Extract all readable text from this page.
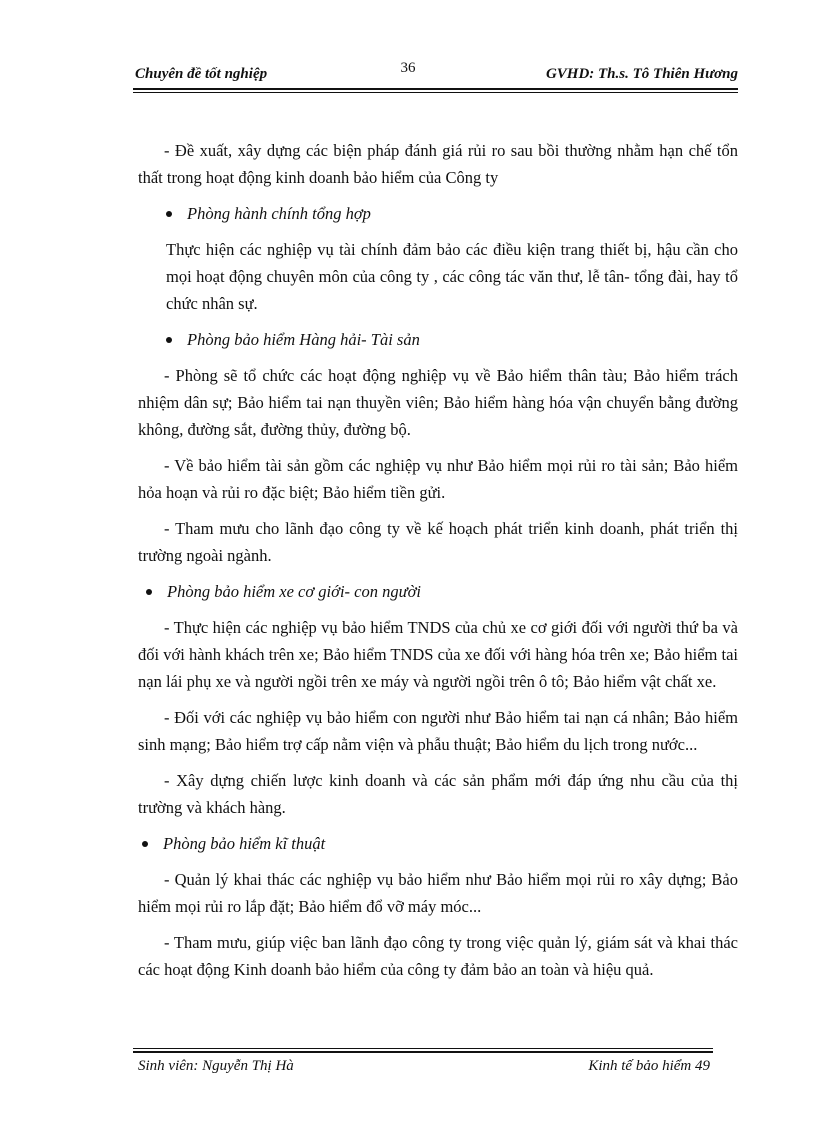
36
Chuyên đề tốt nghiệp	GVHD: Th.s. Tô Thiên Hương

- Đề xuất, xây dựng các biện pháp đánh giá rủi ro sau bồi thường nhằm hạn chế tổn thất trong hoạt động kinh doanh bảo hiểm của Công ty

Phòng hành chính tổng hợp

Thực hiện các nghiệp vụ tài chính đảm bảo các điều kiện trang thiết bị, hậu cần cho mọi hoạt động chuyên môn của công ty , các công tác văn thư, lễ tân- tổng đài, hay tổ chức nhân sự.

Phòng bảo hiểm Hàng hải- Tài sản

- Phòng sẽ tổ chức các hoạt động nghiệp vụ về Bảo hiểm thân tàu; Bảo hiểm trách nhiệm dân sự; Bảo hiểm tai nạn thuyền viên; Bảo hiểm hàng hóa vận chuyển bằng đường không, đường sắt, đường thủy, đường bộ.

- Về bảo hiểm tài sản gồm các nghiệp vụ như Bảo hiểm mọi rủi ro tài sản; Bảo hiểm hỏa hoạn và rủi ro đặc biệt; Bảo hiểm tiền gửi.

- Tham mưu cho lãnh đạo công ty về kế hoạch phát triển kinh doanh, phát triển thị trường ngoài ngành.

Phòng bảo hiểm xe cơ giới- con người

- Thực hiện các nghiệp vụ bảo hiểm TNDS của chủ xe cơ giới đối với người thứ ba và đối với hành khách trên xe; Bảo hiểm TNDS của xe đối với hàng hóa trên xe; Bảo hiểm tai nạn lái phụ xe và người ngồi trên xe máy và người ngồi trên ô tô; Bảo hiểm vật chất xe.

- Đối với các nghiệp vụ bảo hiểm con người như Bảo hiểm tai nạn cá nhân; Bảo hiểm sinh mạng; Bảo hiểm trợ cấp nằm viện và phẫu thuật; Bảo hiểm du lịch trong nước...

- Xây dựng chiến lược kinh doanh và các sản phẩm mới đáp ứng nhu cầu của thị trường và khách hàng.

Phòng bảo hiểm kĩ thuật

- Quản lý khai thác các nghiệp vụ bảo hiểm như Bảo hiểm mọi rủi ro xây dựng; Bảo hiểm mọi rủi ro lắp đặt; Bảo hiểm đổ vỡ máy móc...

- Tham mưu, giúp việc ban lãnh đạo công ty trong việc quản lý, giám sát và khai thác các hoạt động Kinh doanh bảo hiểm của công ty đảm bảo an toàn và hiệu quả.

Sinh viên: Nguyễn Thị Hà	Kinh tế bảo hiểm 49
